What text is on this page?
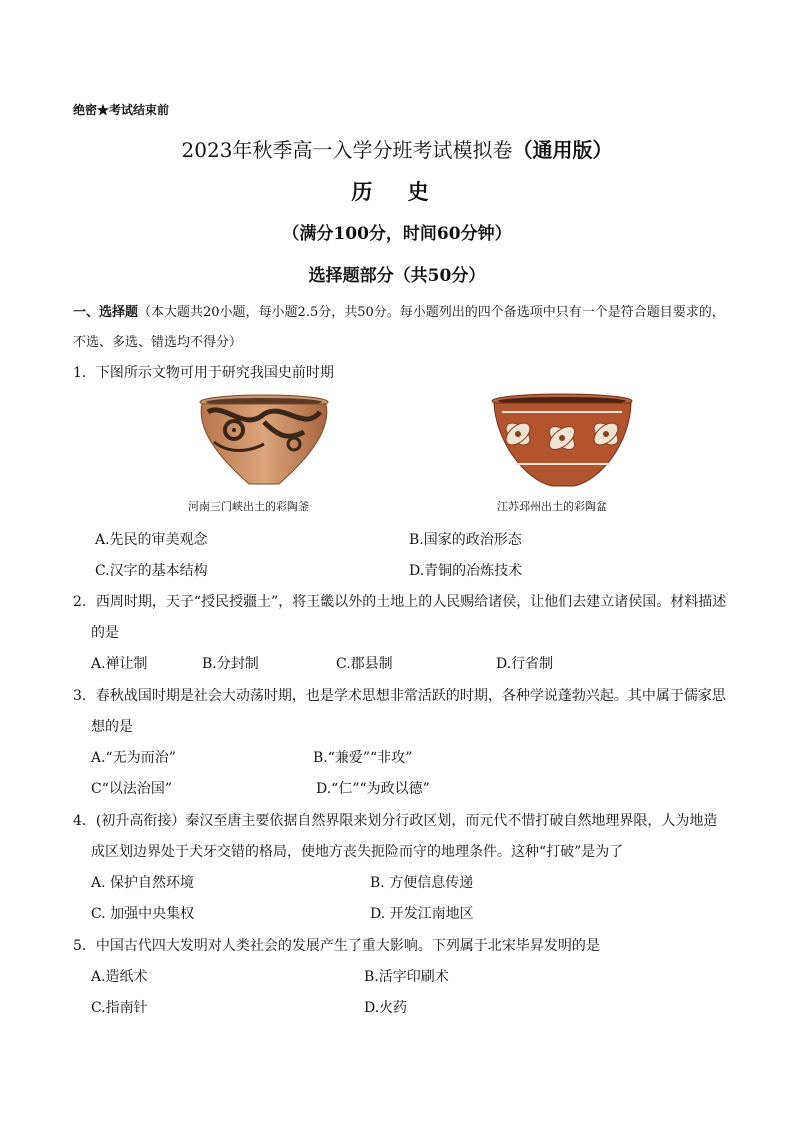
绝密★考试结束前
2023年秋季高一入学分班考试模拟卷（通用版）
历 史
（满分100分，时间60分钟）
选择题部分（共50分）
一、选择题（本大题共20小题，每小题2.5分，共50分。每小题列出的四个备选项中只有一个是符合题目要求的，不选、多选、错选均不得分）
1．下图所示文物可用于研究我国史前时期
河南三门峡出土的彩陶釜	江苏邳州出土的彩陶盆
A.先民的审美观念	B.国家的政治形态
C.汉字的基本结构	D.青铜的冶炼技术
2．西周时期，天子“授民授疆土”，将王畿以外的土地上的人民赐给诸侯，让他们去建立诸侯国。材料描述
的是
A.禅让制	B.分封制	C.郡县制	D.行省制
3．春秋战国时期是社会大动荡时期，也是学术思想非常活跃的时期，各种学说蓬勃兴起。其中属于儒家思
想的是
A.“无为而治”	B.“兼爱”“非攻”
C“以法治国”	D.“仁”“为政以德”
4．(初升高衔接）秦汉至唐主要依据自然界限来划分行政区划，而元代不惜打破自然地理界限，人为地造
成区划边界处于犬牙交错的格局，使地方丧失扼险而守的地理条件。这种“打破”是为了
A. 保护自然环境	B. 方便信息传递
C. 加强中央集权	D. 开发江南地区
5．中国古代四大发明对人类社会的发展产生了重大影响。下列属于北宋毕昇发明的是
A.造纸术	B.活字印刷术
C.指南针	D.火药
